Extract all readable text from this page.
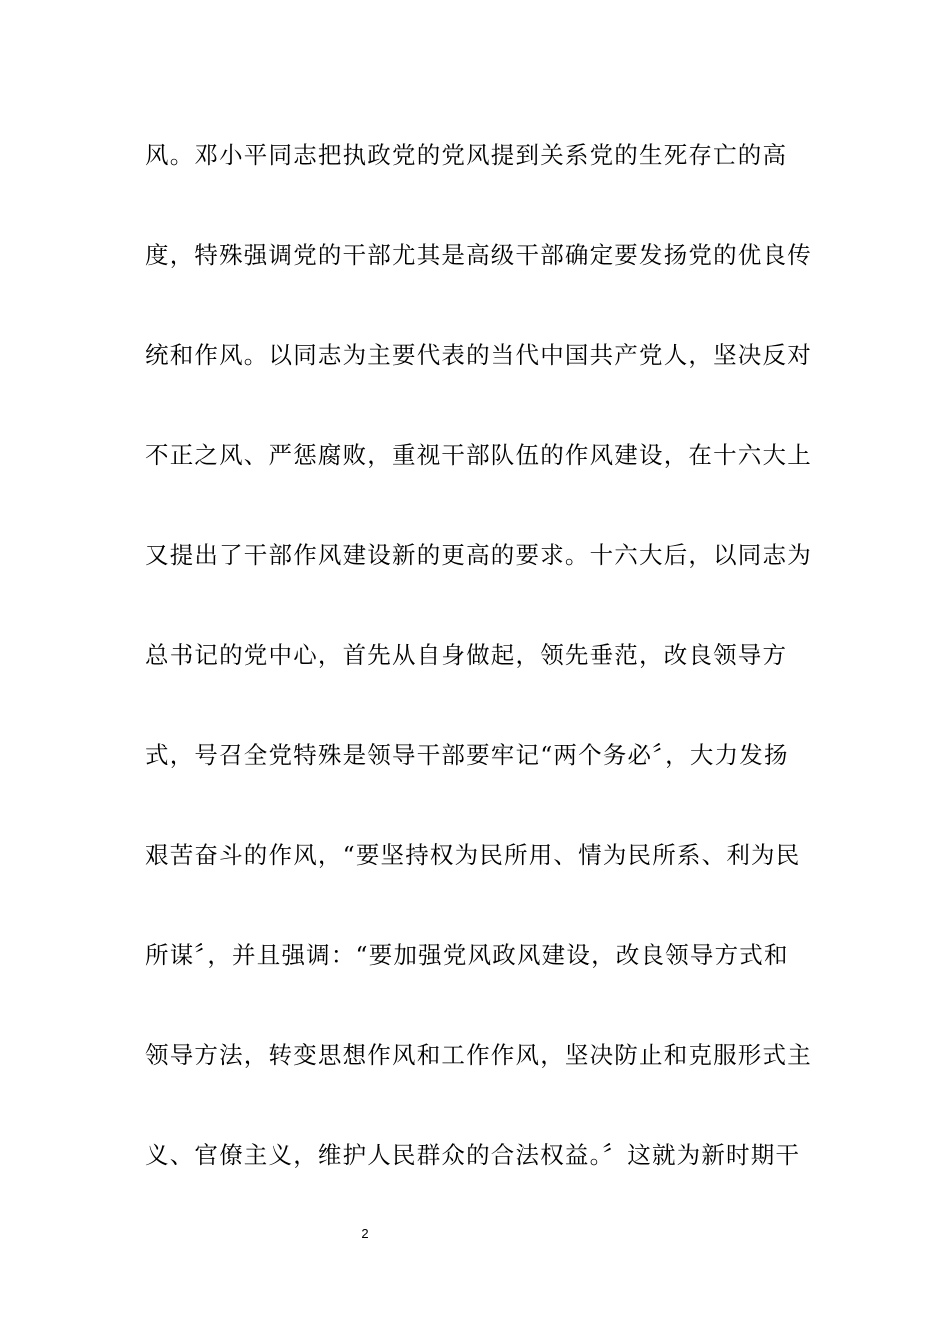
风。邓小平同志把执政党的党风提到关系党的生死存亡的高
度，特殊强调党的干部尤其是高级干部确定要发扬党的优良传
统和作风。以同志为主要代表的当代中国共产党人，坚决反对
不正之风、严惩腐败，重视干部队伍的作风建设，在十六大上
又提出了干部作风建设新的更高的要求。十六大后，以同志为
总书记的党中心，首先从自身做起，领先垂范，改良领导方
式，号召全党特殊是领导干部要牢记“两个务必〞，大力发扬
艰苦奋斗的作风，“要坚持权为民所用、情为民所系、利为民
所谋〞，并且强调：“要加强党风政风建设，改良领导方式和
领导方法，转变思想作风和工作作风，坚决防止和克服形式主
义、官僚主义，维护人民群众的合法权益。〞这就为新时期干
2
